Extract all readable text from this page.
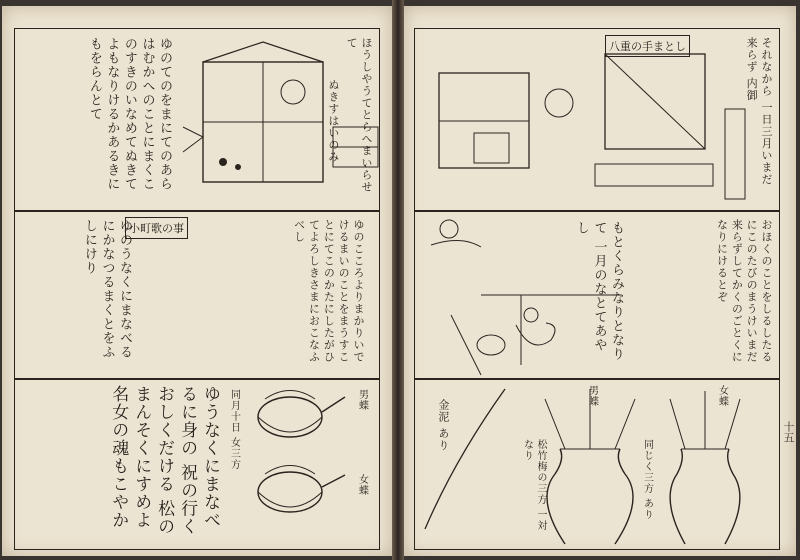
ほうしやうてとらへまいらせて
ぬきすはいのみ
ゆのてのをまにてのあらはむかへのことにまくこのすきのいなめてぬきてよもなりけるかあるきにもをらんとて
小町歌の事
ゆのうなくにまなべるにかなつるまくとをふしにけり	ゆのこころよりまかりいでけるまいのことをまうすことにてこのかたにしたがひてよろしきさまにおこなふべし
ゆうなくにまなべるに身の 祝の行くおしくだける 松のまんそくにすめよ 名女の魂もこやか	男蝶
女蝶
同月十日 女三方
それなから 一日三月いまだ来らず 内御
八重の手まとし
おほくのことをしるしたるにこのたびのまうけいまだ来らずしてかくのごとくになりにけるとぞ
もとくらみなりとなりて 一月のなとてあやし
男蝶	女蝶
松竹梅の三方 一対なり	同じく三方 あり
金泥 あり	十五
